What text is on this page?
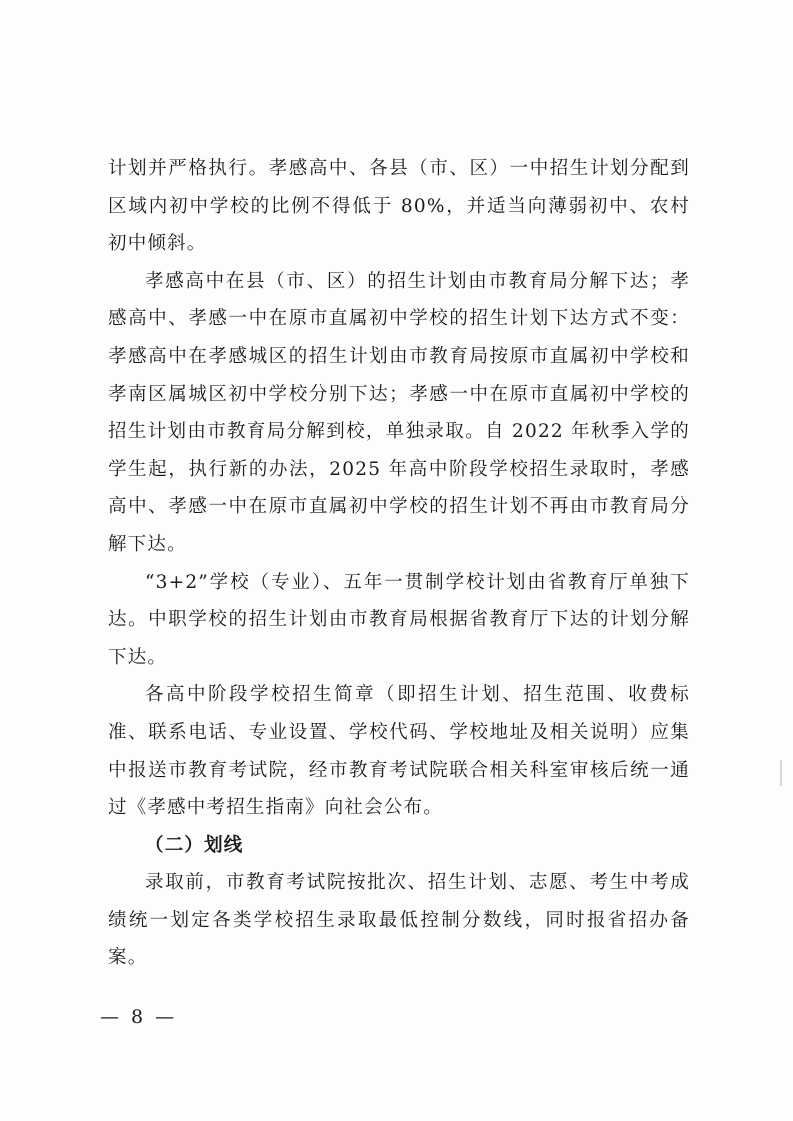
计划并严格执行。孝感高中、各县（市、区）一中招生计划分配到区域内初中学校的比例不得低于 80%，并适当向薄弱初中、农村初中倾斜。

孝感高中在县（市、区）的招生计划由市教育局分解下达；孝感高中、孝感一中在原市直属初中学校的招生计划下达方式不变：孝感高中在孝感城区的招生计划由市教育局按原市直属初中学校和孝南区属城区初中学校分别下达；孝感一中在原市直属初中学校的招生计划由市教育局分解到校，单独录取。自 2022 年秋季入学的学生起，执行新的办法，2025 年高中阶段学校招生录取时，孝感高中、孝感一中在原市直属初中学校的招生计划不再由市教育局分解下达。

“3+2”学校（专业）、五年一贯制学校计划由省教育厅单独下达。中职学校的招生计划由市教育局根据省教育厅下达的计划分解下达。

各高中阶段学校招生简章（即招生计划、招生范围、收费标准、联系电话、专业设置、学校代码、学校地址及相关说明）应集中报送市教育考试院，经市教育考试院联合相关科室审核后统一通过《孝感中考招生指南》向社会公布。

（二）划线

录取前，市教育考试院按批次、招生计划、志愿、考生中考成绩统一划定各类学校招生录取最低控制分数线，同时报省招办备案。

— 8 —
